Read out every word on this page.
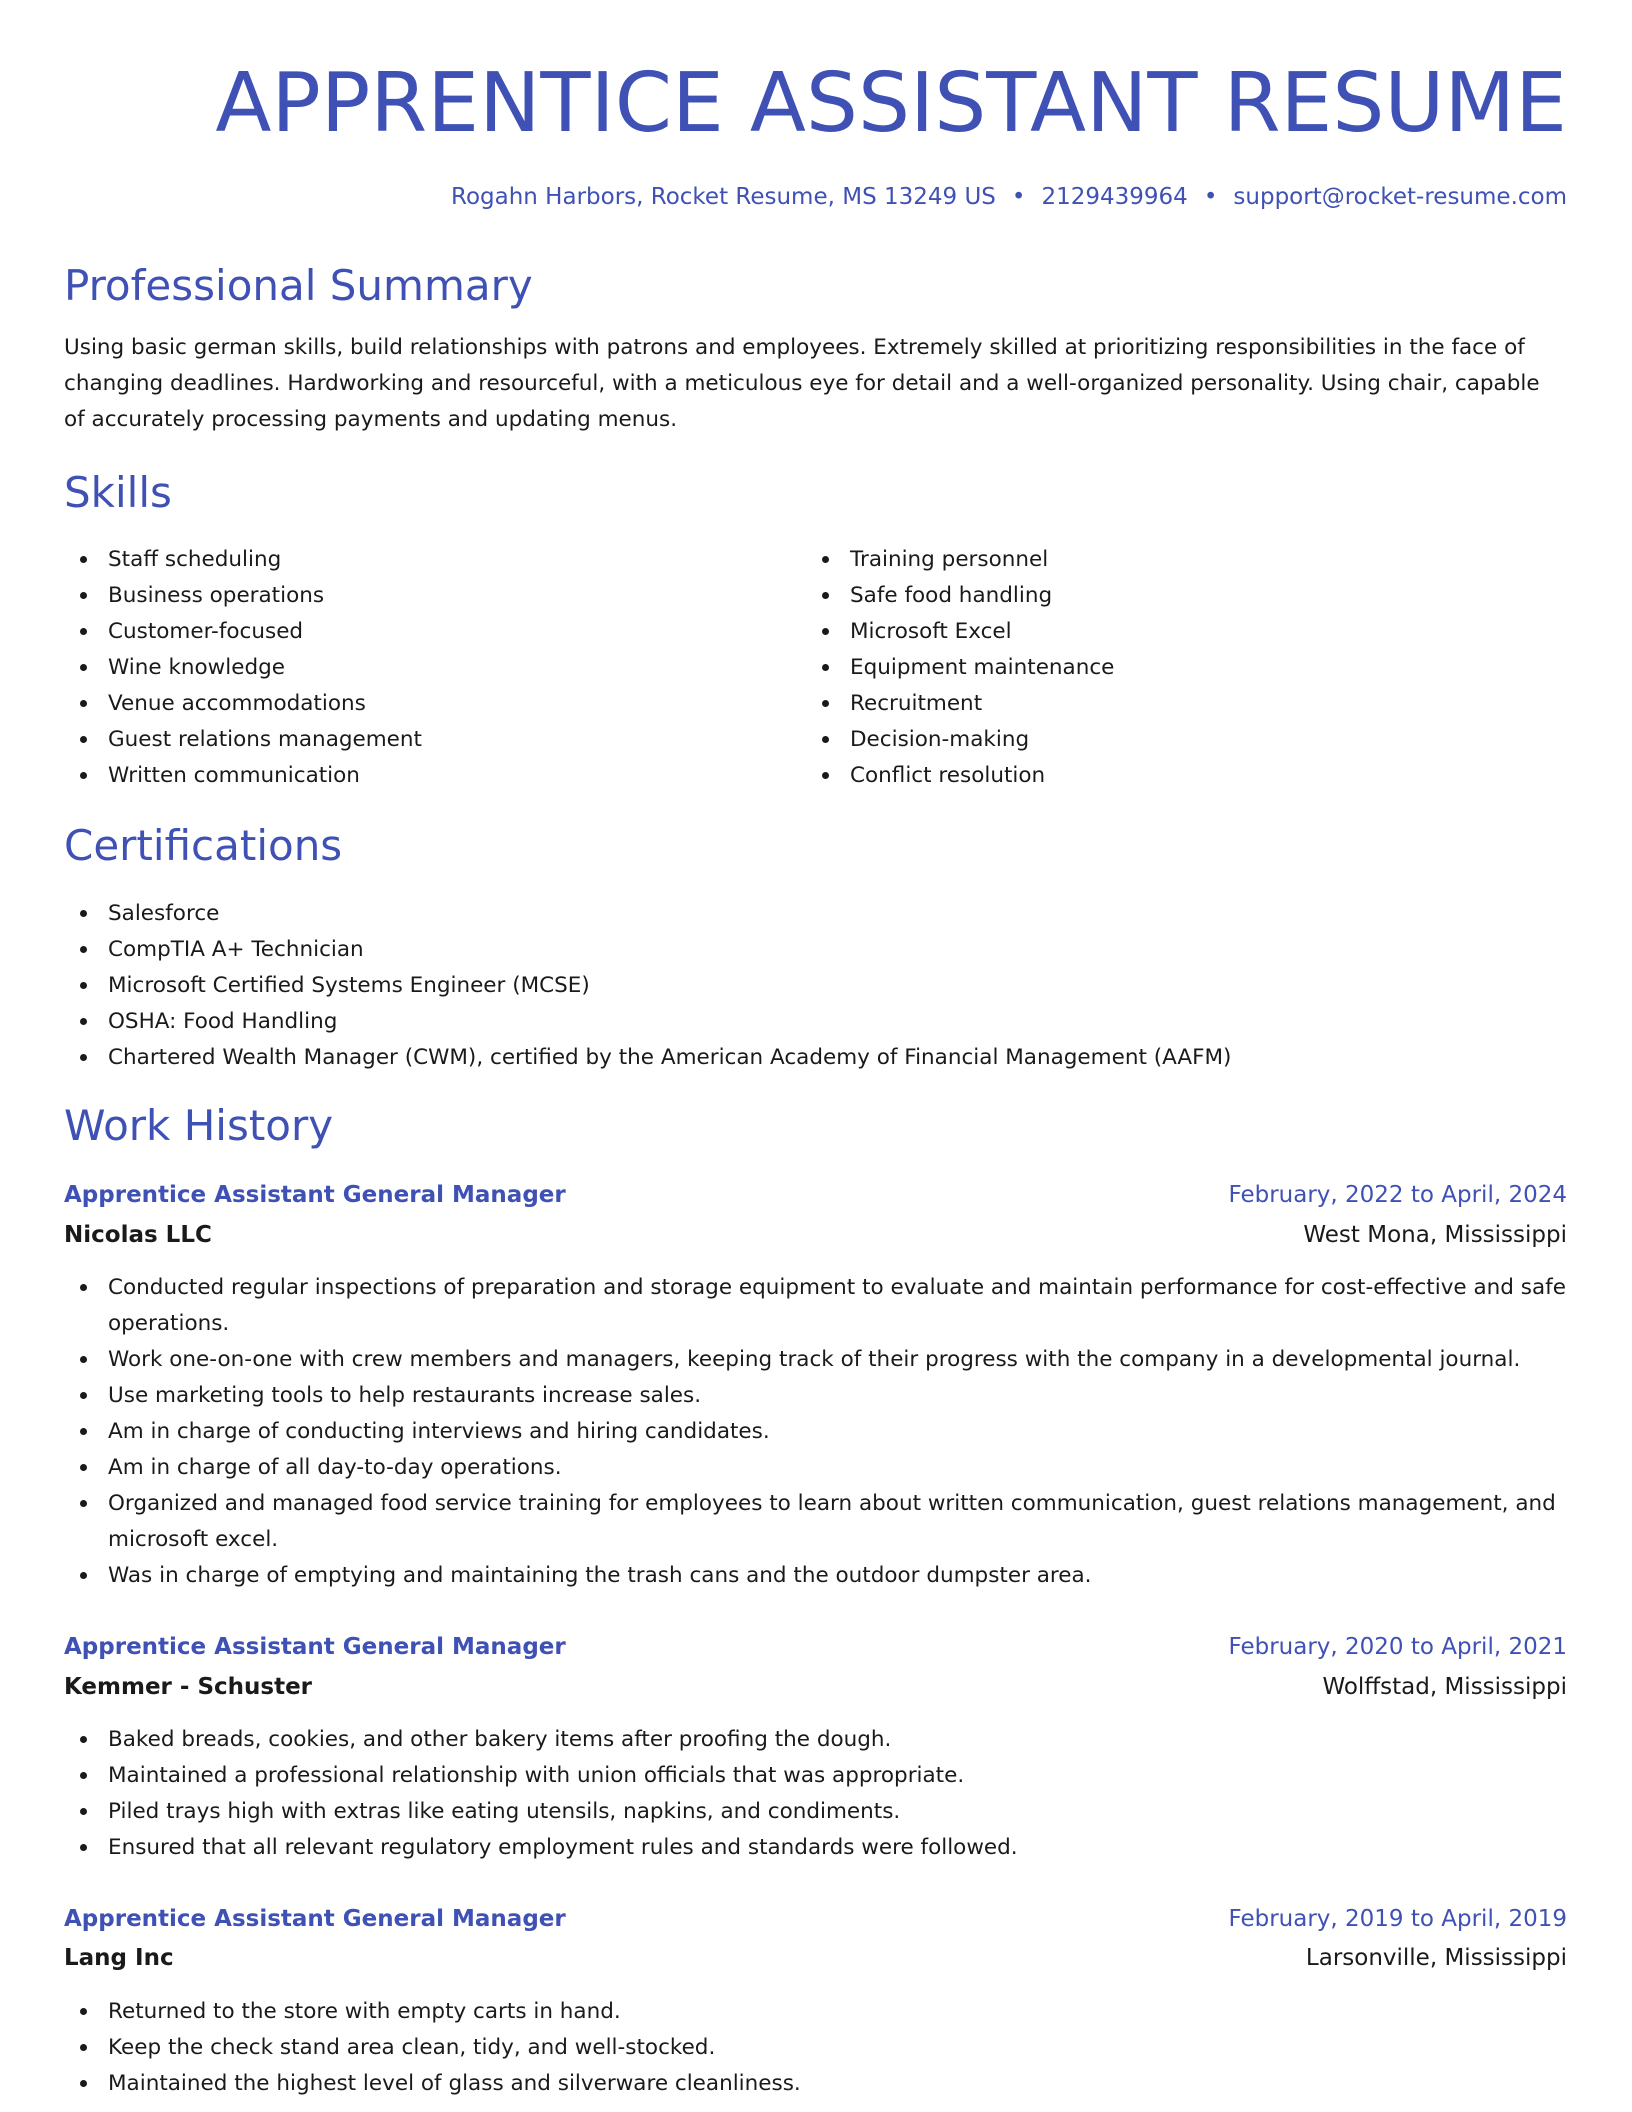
APPRENTICE ASSISTANT RESUME
Rogahn Harbors, Rocket Resume, MS 13249 US • 2129439964 • support@rocket-resume.com
Professional Summary

Using basic german skills, build relationships with patrons and employees. Extremely skilled at prioritizing responsibilities in the face of changing deadlines. Hardworking and resourceful, with a meticulous eye for detail and a well-organized personality. Using chair, capable of accurately processing payments and updating menus.

Skills
Staff scheduling
Business operations
Customer-focused
Wine knowledge
Venue accommodations
Guest relations management
Written communication
Training personnel
Safe food handling
Microsoft Excel
Equipment maintenance
Recruitment
Decision-making
Conflict resolution
Certifications
Salesforce
CompTIA A+ Technician
Microsoft Certified Systems Engineer (MCSE)
OSHA: Food Handling
Chartered Wealth Manager (CWM), certified by the American Academy of Financial Management (AAFM)
Work History
Apprentice Assistant General Manager	February, 2022 to April, 2024
Nicolas LLC	West Mona, Mississippi
Conducted regular inspections of preparation and storage equipment to evaluate and maintain performance for cost-effective and safe operations.
Work one-on-one with crew members and managers, keeping track of their progress with the company in a developmental journal.
Use marketing tools to help restaurants increase sales.
Am in charge of conducting interviews and hiring candidates.
Am in charge of all day-to-day operations.
Organized and managed food service training for employees to learn about written communication, guest relations management, and microsoft excel.
Was in charge of emptying and maintaining the trash cans and the outdoor dumpster area.
Apprentice Assistant General Manager	February, 2020 to April, 2021
Kemmer - Schuster	Wolffstad, Mississippi
Baked breads, cookies, and other bakery items after proofing the dough.
Maintained a professional relationship with union officials that was appropriate.
Piled trays high with extras like eating utensils, napkins, and condiments.
Ensured that all relevant regulatory employment rules and standards were followed.
Apprentice Assistant General Manager	February, 2019 to April, 2019
Lang Inc	Larsonville, Mississippi
Returned to the store with empty carts in hand.
Keep the check stand area clean, tidy, and well-stocked.
Maintained the highest level of glass and silverware cleanliness.
